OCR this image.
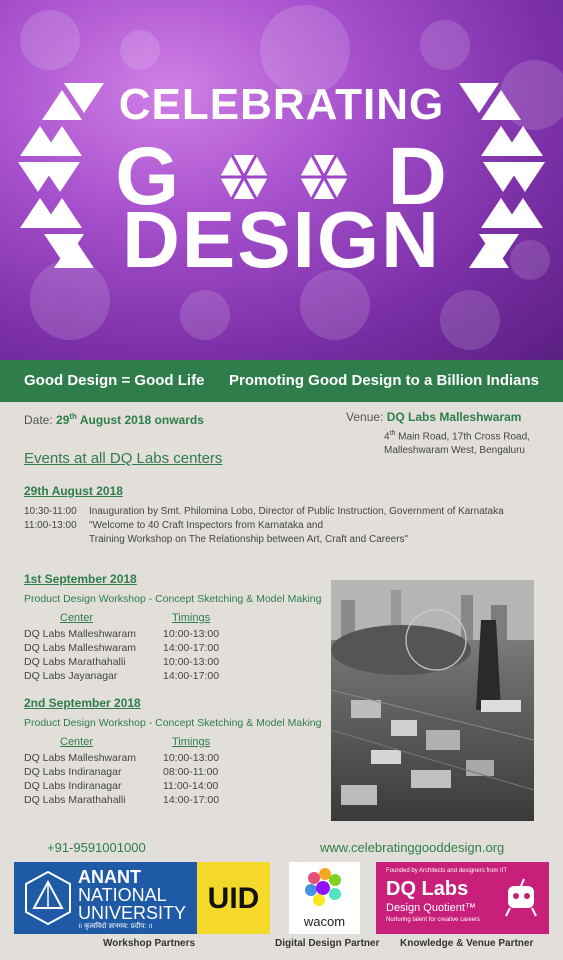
CELEBRATING
G	D
DESIGN
Good Design = Good Life Promoting Good Design to a Billion Indians
Date: 29th August 2018 onwards	Venue: DQ Labs Malleshwaram
4th Main Road, 17th Cross Road,
Malleshwaram West, Bengaluru
Events at all DQ Labs centers
29th August 2018
10:30-11:00 Inauguration by Smt. Philomina Lobo, Director of Public Instruction, Government of Karnataka
11:00-13:00 "Welcome to 40 Craft Inspectors from Karnataka and
Training Workshop on The Relationship between Art, Craft and Careers"
1st September 2018
Product Design Workshop - Concept Sketching & Model Making
Center	Timings
DQ Labs Malleshwaram	10:00-13:00
DQ Labs Malleshwaram	14:00-17:00
DQ Labs Marathahalli	10:00-13:00
DQ Labs Jayanagar	14:00-17:00
2nd September 2018
Product Design Workshop - Concept Sketching & Model Making
Center	Timings
DQ Labs Malleshwaram	10:00-13:00
DQ Labs Indiranagar	08:00-11:00
DQ Labs Indiranagar	11:00-14:00
DQ Labs Marathahalli	14:00-17:00
+91-9591001000	www.celebratinggooddesign.org
ANANT
NATIONAL
UNIVERSITY
॥ कृत्वविदो ज्ञानमय: प्रदीप: ॥
UID
wacom
Founded by Architects and designers from IIT
DQ Labs
Design Quotient™
Nurturing talent for creative careers
Workshop Partners	Digital Design Partner Knowledge & Venue Partner
